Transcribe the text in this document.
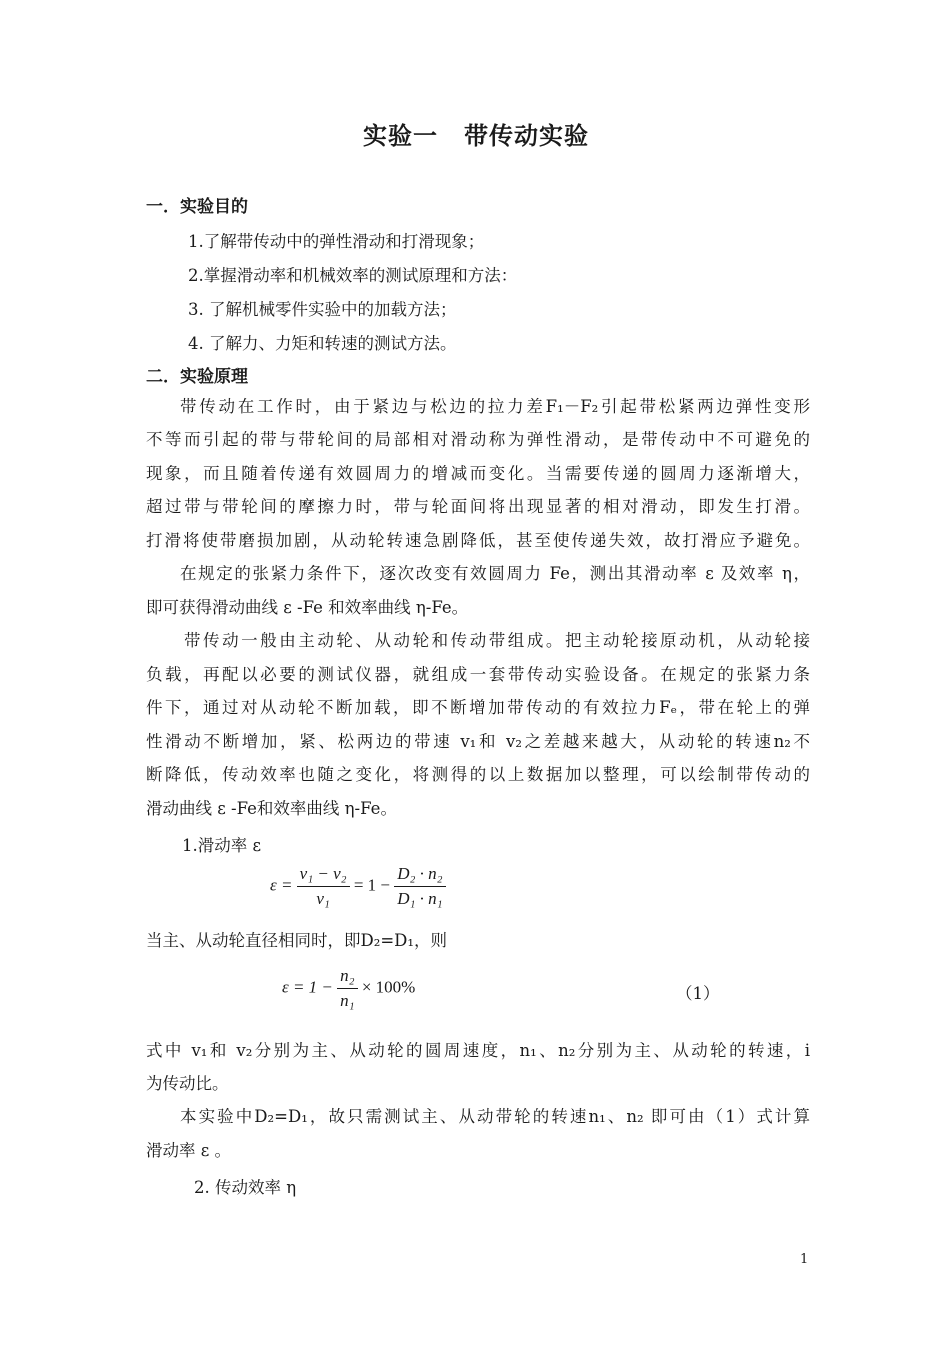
实验一 带传动实验
一．实验目的
1.了解带传动中的弹性滑动和打滑现象；
2.掌握滑动率和机械效率的测试原理和方法：
3. 了解机械零件实验中的加载方法；
4. 了解力、力矩和转速的测试方法。
二．实验原理
带传动在工作时，由于紧边与松边的拉力差F₁－F₂引起带松紧两边弹性变形
不等而引起的带与带轮间的局部相对滑动称为弹性滑动，是带传动中不可避免的
现象，而且随着传递有效圆周力的增减而变化。当需要传递的圆周力逐渐增大，
超过带与带轮间的摩擦力时，带与轮面间将出现显著的相对滑动，即发生打滑。
打滑将使带磨损加剧，从动轮转速急剧降低，甚至使传递失效，故打滑应予避免。
在规定的张紧力条件下，逐次改变有效圆周力 Fe，测出其滑动率 ε 及效率 η，
即可获得滑动曲线 ε -Fe 和效率曲线 η-Fe。
带传动一般由主动轮、从动轮和传动带组成。把主动轮接原动机，从动轮接
负载，再配以必要的测试仪器，就组成一套带传动实验设备。在规定的张紧力条
件下，通过对从动轮不断加载，即不断增加带传动的有效拉力Fₑ，带在轮上的弹
性滑动不断增加，紧、松两边的带速 v₁和 v₂之差越来越大，从动轮的转速n₂不
断降低，传动效率也随之变化，将测得的以上数据加以整理，可以绘制带传动的
滑动曲线 ε -Fe和效率曲线 η-Fe。
1.滑动率 ε
$\varepsilon = \frac{\text{v₁ − v₂}}{\text{v₁}} = 1 - \frac{\text{D₂ · n₂}}{\text{D₁ · n₁}}$
当主、从动轮直径相同时，即D₂=D₁，则
$\varepsilon = 1 - \frac{\text{n₂}}{\text{n₁}} \times 100\%$	（1）
式中 v₁和 v₂分别为主、从动轮的圆周速度，n₁、n₂分别为主、从动轮的转速，i
为传动比。
本实验中D₂=D₁，故只需测试主、从动带轮的转速n₁、n₂ 即可由（1）式计算
滑动率 ε 。
2. 传动效率 η
1
